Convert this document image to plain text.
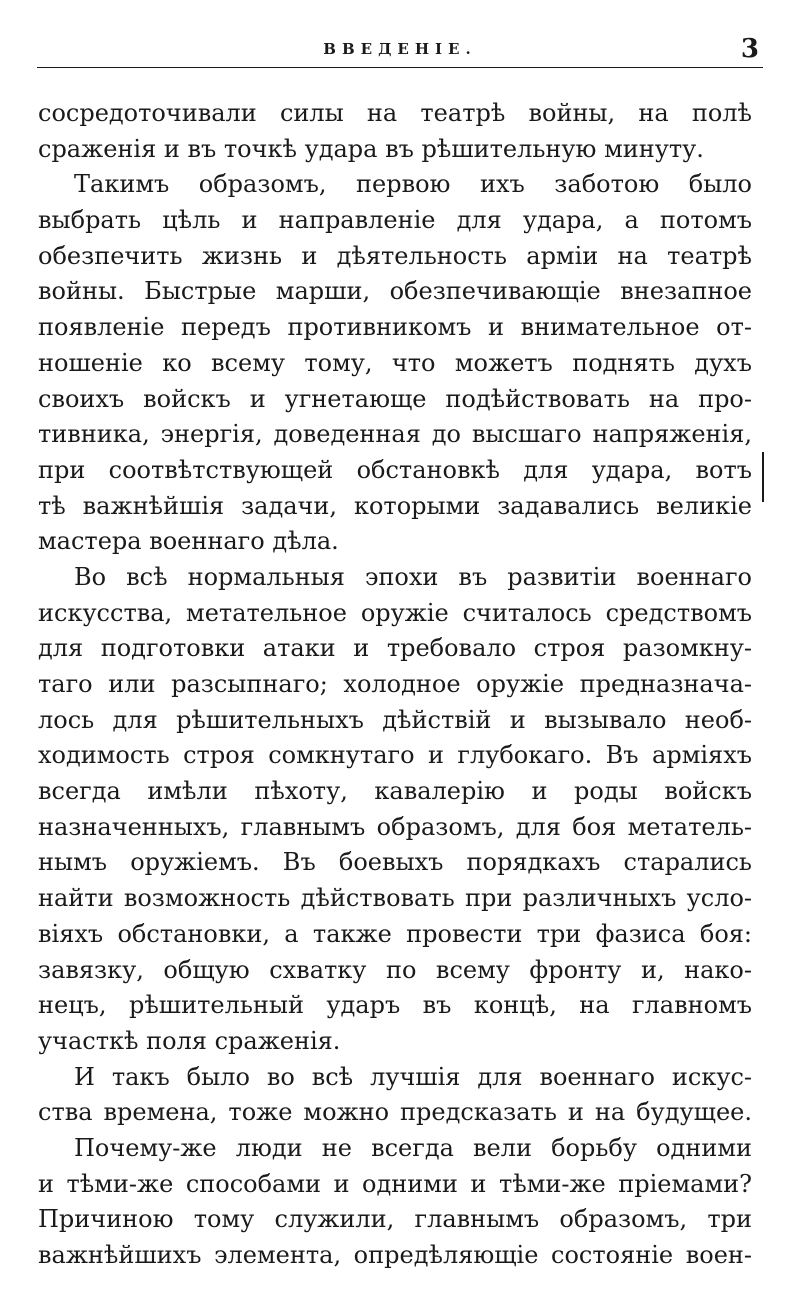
ВВЕДЕНІЕ.	3
сосредоточивали силы на театрѣ войны, на полѣ
сраженія и въ точкѣ удара въ рѣшительную минуту.
Такимъ образомъ, первою ихъ заботою было
выбрать цѣль и направленіе для удара, а потомъ
обезпечить жизнь и дѣятельность арміи на театрѣ
войны. Быстрые марши, обезпечивающіе внезапное
появленіе передъ противникомъ и внимательное от-
ношеніе ко всему тому, что можетъ поднять духъ
своихъ войскъ и угнетающе подѣйствовать на про-
тивника, энергія, доведенная до высшаго напряженія,
при соотвѣтствующей обстановкѣ для удара, вотъ
тѣ важнѣйшія задачи, которыми задавались великіе
мастера военнаго дѣла.
Во всѣ нормальныя эпохи въ развитіи военнаго
искусства, метательное оружіе считалось средствомъ
для подготовки атаки и требовало строя разомкну-
таго или разсыпнаго; холодное оружіе предназнача-
лось для рѣшительныхъ дѣйствій и вызывало необ-
ходимость строя сомкнутаго и глубокаго. Въ арміяхъ
всегда имѣли пѣхоту, кавалерію и роды войскъ
назначенныхъ, главнымъ образомъ, для боя метатель-
нымъ оружіемъ. Въ боевыхъ порядкахъ старались
найти возможность дѣйствовать при различныхъ усло-
віяхъ обстановки, а также провести три фазиса боя:
завязку, общую схватку по всему фронту и, нако-
нецъ, рѣшительный ударъ въ концѣ, на главномъ
участкѣ поля сраженія.
И такъ было во всѣ лучшія для военнаго искус-
ства времена, тоже можно предсказать и на будущее.
Почему-же люди не всегда вели борьбу одними
и тѣми-же способами и одними и тѣми-же пріемами?
Причиною тому служили, главнымъ образомъ, три
важнѣйшихъ элемента, опредѣляющіе состояніе воен-
